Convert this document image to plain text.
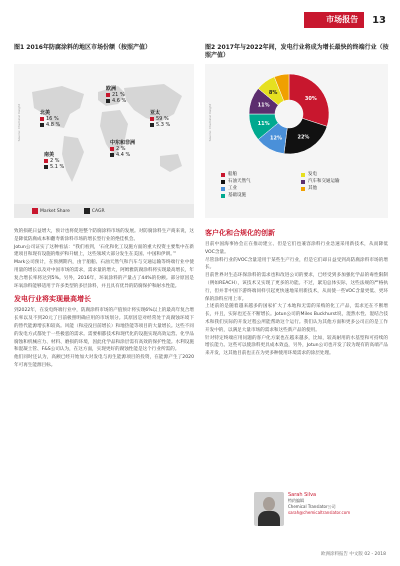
市场报告	13
图1 2016年防腐涂料的地区市场份额（按照产值）
Source: Chemical Insight	北美
16 %
4.8 %
欧洲
21 %
4.6 %
亚太
59 %
5.3 %
中东和非洲
2 %
4.4 %
南美
2 %
5.1 %
Market Share	CAGR
图2 2017年与2022年间，发电行业将成为增长最快的终端行业（按照产值）
Source: Chemical Insight
30%
22%
12%
11%
11%
8%
船舶	发电
石油天然气	汽车和交通运输
工业	其他
基础设施

致的损耗日益增大，预计也将促进整个防腐涂料市场的发展。对防腐涂料生产商来说，这是降低防腐成本和翻寿新涂料市场的增长型行业的绝佳机会。

Jotun公司证实了这种看法：“我们看到，‘石化和化工设施方面的重大投资主要集中在新建项目和现有设施的维护和升级上，这些领域大部分发生在美国、中国和伊朗。’”

Mark公司预计，在预测期内，由于船舶、石油天然气和汽车与交通运输等终端行业中使用量的增长以及对中国市场的需求，需求量的增大，阿姆雅防腐涂料将实现最高增长，年复合增长率将达到5%。另外，2016年，环氧涂料的产量占了44%的份额。部分原因是环氧涂料能够适用于许多类型的多层涂料，并且具有优异的防腐保护和耐水性能。

发电行业将实现最高增长

到2022年，在发电终端行业中，防腐涂料市场的产值预计将实现6%以上的最高年复合增长率以及不到20元了目前极照明确应用的市场划分。其原因是对经常处于高腐蚀环境下的替代能源增长和较高。风能（和浸没目前增长）和地热能等项目的大量增长。这些不同的发电方式都处于一些极恶的需求。需要相都技术和现代化的设施实现高效运营。化学品腐蚀和机械应力、材料、磨损的环境，因此化学品和涂层需有高效的保护性能。水利设施和混凝土管、F&S公司认为，在这方面，实现更好的腐蚀性能是这个行业所需的。

他们同时还认为，高额已经开始加大对发电与再生能源项目的投资，在能源产生了2020年可再生能源目标。

客户化和合规化的创新

目前中国海事协会正在推动建立、但是它们也兼容涂料行业急速采用新技术，从而降低VOC含量。

尽管涂料行业的VOC含量适用于某些生产行业，但是它们却日益受到高防腐涂料市场的增长。

目前世界对生态环保涂料的需求也和改进公司的要求，已经受到多加强化学品的毒性限制（例如REACH），该技术又实现了更多的功能。不过，紧迫总体实际，这些法规的严格执行，但并非中国下游终端同样引起更快速地采用新技术，从而使一些VOC含量更低、更环保的涂料应用上市。

上述前的是随着越来越多的国家扩大了本地和无需的采购的化工产品，需求还在不断增长，并且，实际也还在不断增长。Jotun公司的Miles Buckhurst说，混然水性、混结合技术和我们实际的开发过程公所能帮助这个运行。我们认为其他方面和更多公司正的是工作开发中的，以满足大量市场的需求和这些新产品的使用。

针对特定终端应用问题的客户化方案也在越来越多，比如，较高耐用的水基型和可持续的增长能力。这些可以使涂料更具成本效益，另外，Jotun公司也开发了较为现有的高端产品来开发，这其他目前也正在为更多种使用环境需求的涂层处理。

Sarah Silva
特约编辑
Chemical Translator公司
sarah@chemicaltranslator.com
欧洲涂料报告 中文版 02 - 2018
